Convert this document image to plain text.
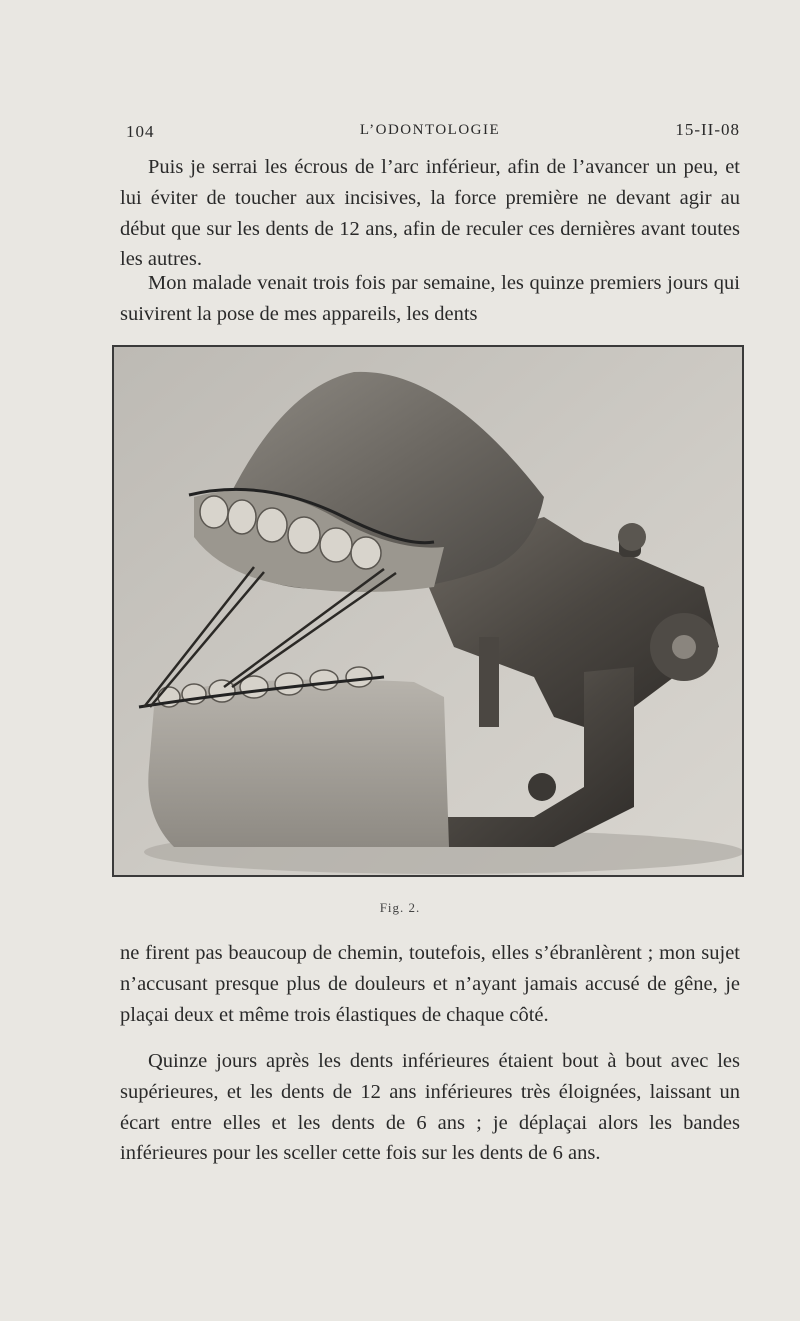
104	L’ODONTOLOGIE	15-II-08

Puis je serrai les écrous de l’arc inférieur, afin de l’avancer un peu, et lui éviter de toucher aux incisives, la force première ne devant agir au début que sur les dents de 12 ans, afin de reculer ces dernières avant toutes les autres.

Mon malade venait trois fois par semaine, les quinze premiers jours qui suivirent la pose de mes appareils, les dents

Fig. 2.

ne firent pas beaucoup de chemin, toutefois, elles s’ébranlèrent ; mon sujet n’accusant presque plus de douleurs et n’ayant jamais accusé de gêne, je plaçai deux et même trois élastiques de chaque côté.

Quinze jours après les dents inférieures étaient bout à bout avec les supérieures, et les dents de 12 ans inférieures très éloignées, laissant un écart entre elles et les dents de 6 ans ; je déplaçai alors les bandes inférieures pour les sceller cette fois sur les dents de 6 ans.
